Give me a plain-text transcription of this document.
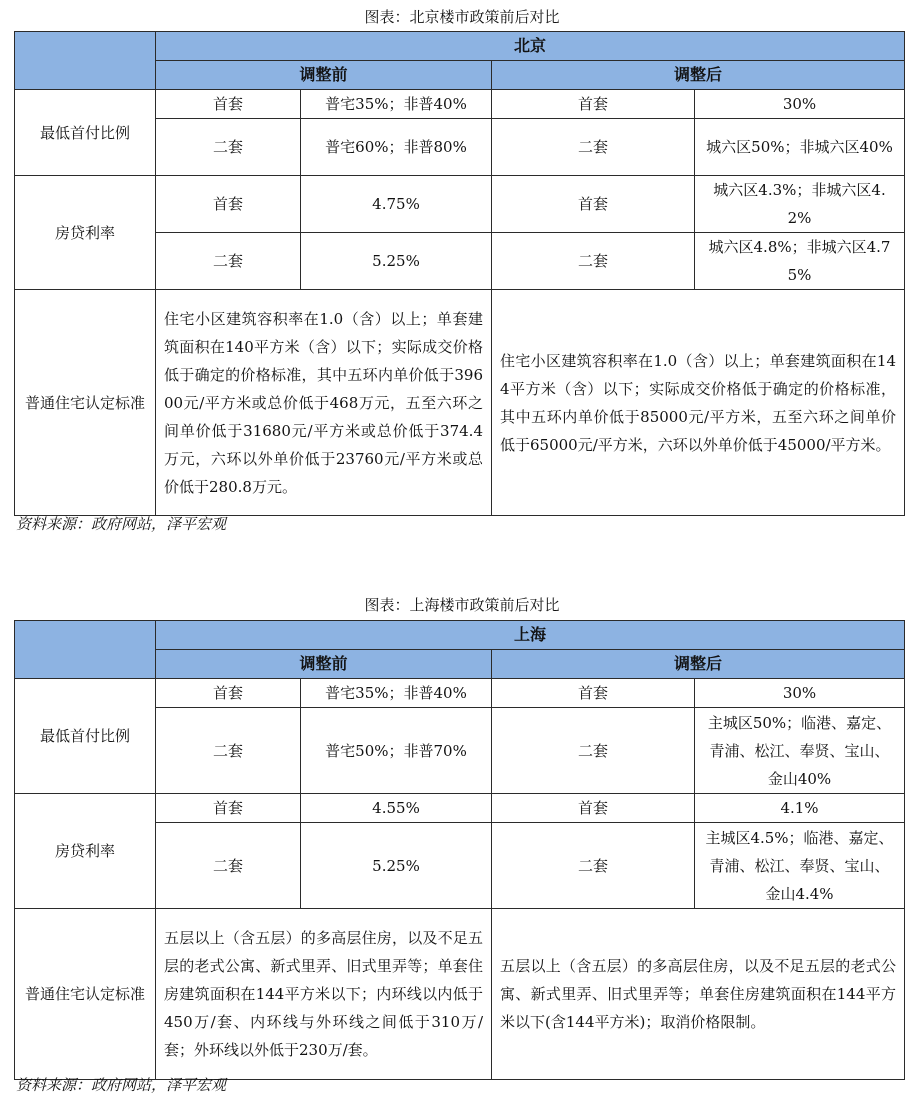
图表：北京楼市政策前后对比
	北京			
	调整前		调整后	
最低首付比例	首套	普宅35%；非普40%	首套	30%
	二套	普宅60%；非普80%	二套	城六区50%；非城六区40%
房贷利率	首套	4.75%	首套	城六区4.3%；非城六区4.2%
	二套	5.25%	二套	城六区4.8%；非城六区4.75%
普通住宅认定标准	住宅小区建筑容积率在1.0（含）以上；单套建筑面积在140平方米（含）以下；实际成交价格低于确定的价格标准，其中五环内单价低于39600元/平方米或总价低于468万元，五至六环之间单价低于31680元/平方米或总价低于374.4万元，六环以外单价低于23760元/平方米或总价低于280.8万元。		住宅小区建筑容积率在1.0（含）以上；单套建筑面积在144平方米（含）以下；实际成交价格低于确定的价格标准，其中五环内单价低于85000元/平方米，五至六环之间单价低于65000元/平方米，六环以外单价低于45000/平方米。	
资料来源：政府网站，泽平宏观
图表：上海楼市政策前后对比
	上海			
	调整前		调整后	
最低首付比例	首套	普宅35%；非普40%	首套	30%
	二套	普宅50%；非普70%	二套	主城区50%；临港、嘉定、青浦、松江、奉贤、宝山、金山40%
房贷利率	首套	4.55%	首套	4.1%
	二套	5.25%	二套	主城区4.5%；临港、嘉定、青浦、松江、奉贤、宝山、金山4.4%
普通住宅认定标准	五层以上（含五层）的多高层住房，以及不足五层的老式公寓、新式里弄、旧式里弄等；单套住房建筑面积在144平方米以下；内环线以内低于450万/套、内环线与外环线之间低于310万/套；外环线以外低于230万/套。		五层以上（含五层）的多高层住房，以及不足五层的老式公寓、新式里弄、旧式里弄等；单套住房建筑面积在144平方米以下(含144平方米)；取消价格限制。	
资料来源：政府网站，泽平宏观
